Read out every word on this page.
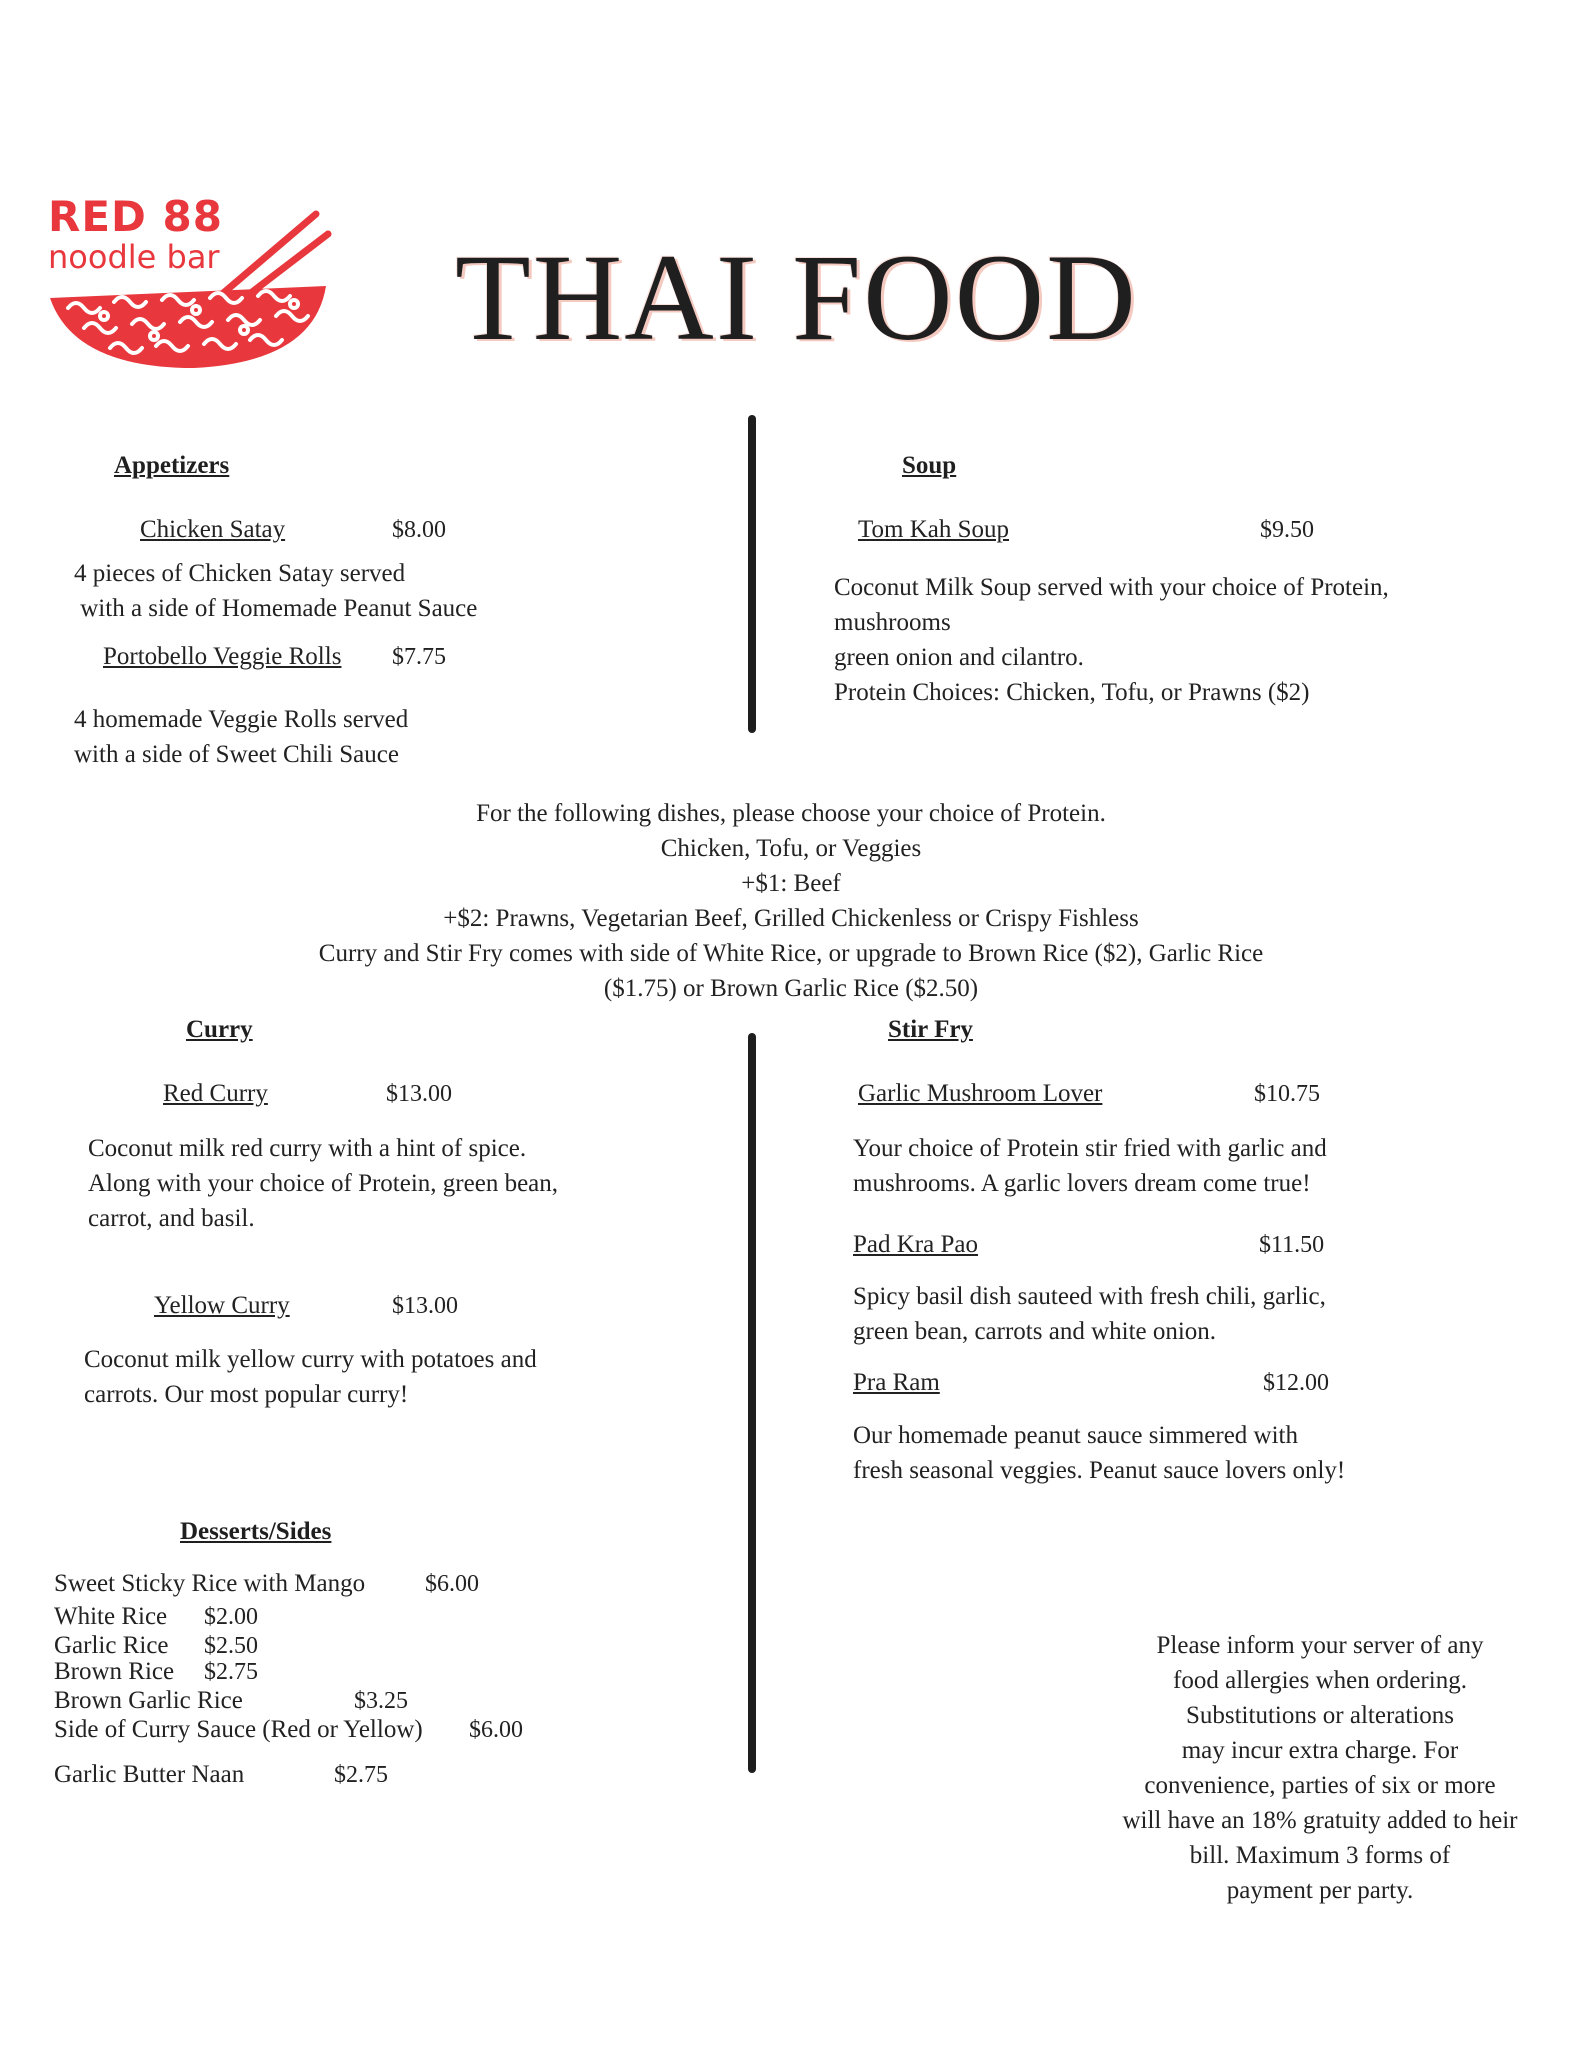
RED 88
noodle bar THAI FOOD
Appetizers
Chicken Satay	$8.00
4 pieces of Chicken Satay served
with a side of Homemade Peanut Sauce
Portobello Veggie Rolls $7.75
4 homemade Veggie Rolls served
with a side of Sweet Chili Sauce
Soup
Tom Kah Soup	$9.50
Coconut Milk Soup served with your choice of Protein,
mushrooms
green onion and cilantro.
Protein Choices: Chicken, Tofu, or Prawns ($2)
For the following dishes, please choose your choice of Protein.
Chicken, Tofu, or Veggies
+$1: Beef
+$2: Prawns, Vegetarian Beef, Grilled Chickenless or Crispy Fishless
Curry and Stir Fry comes with side of White Rice, or upgrade to Brown Rice ($2), Garlic Rice
($1.75) or Brown Garlic Rice ($2.50)
Curry
Red Curry	$13.00
Coconut milk red curry with a hint of spice.
Along with your choice of Protein, green bean,
carrot, and basil.
Yellow Curry	$13.00
Coconut milk yellow curry with potatoes and
carrots. Our most popular curry!
Stir Fry
Garlic Mushroom Lover	$10.75
Your choice of Protein stir fried with garlic and
mushrooms. A garlic lovers dream come true!
Pad Kra Pao	$11.50
Spicy basil dish sauteed with fresh chili, garlic,
green bean, carrots and white onion.
Pra Ram	$12.00
Our homemade peanut sauce simmered with
fresh seasonal veggies. Peanut sauce lovers only!
Desserts/Sides
Sweet Sticky Rice with Mango $6.00
White Rice $2.00
Garlic Rice $2.50
Brown Rice $2.75
Brown Garlic Rice	$3.25
Side of Curry Sauce (Red or Yellow) $6.00
Garlic Butter Naan	$2.75
Please inform your server of any
food allergies when ordering.
Substitutions or alterations
may incur extra charge. For
convenience, parties of six or more
will have an 18% gratuity added to heir
bill. Maximum 3 forms of
payment per party.
